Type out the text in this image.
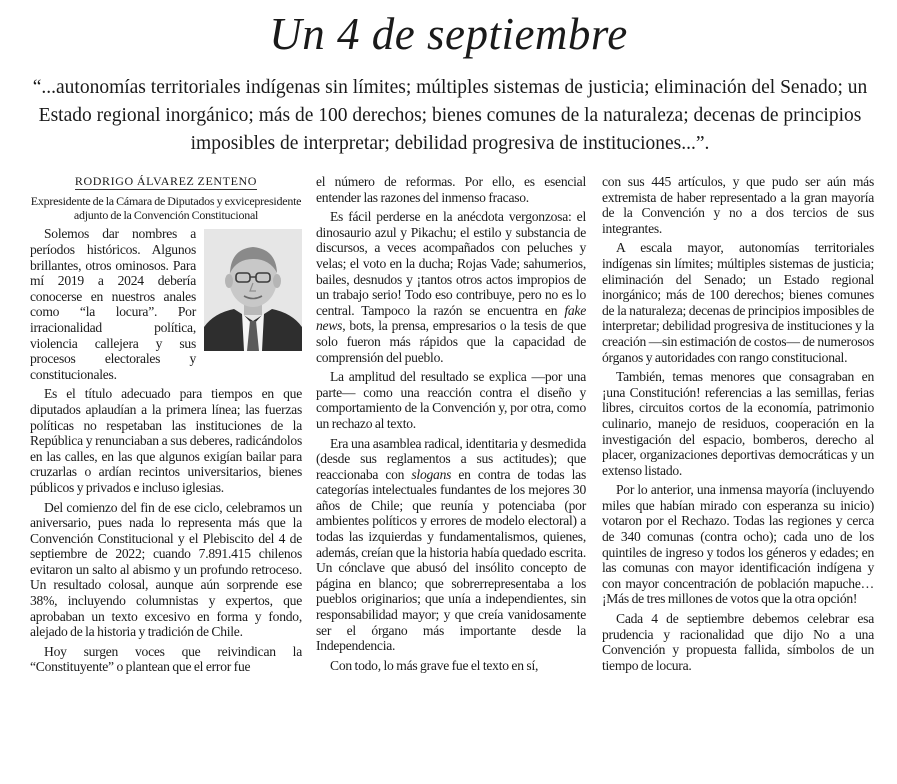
Un 4 de septiembre
“...autonomías territoriales indígenas sin límites; múltiples sistemas de justicia; eliminación del Senado; un Estado regional inorgánico; más de 100 derechos; bienes comunes de la naturaleza; decenas de principios imposibles de interpretar; debilidad progresiva de instituciones...”.

RODRIGO ÁLVAREZ ZENTENO

Expresidente de la Cámara de Diputados y exvicepresidente adjunto de la Convención Constitucional

Solemos dar nombres a períodos históricos. Algunos brillantes, otros ominosos. Para mí 2019 a 2024 debería conocerse en nuestros anales como “la locura”. Por irracionalidad política, violencia callejera y sus procesos electorales y constitucionales.

Es el título adecuado para tiempos en que diputados aplaudían a la primera línea; las fuerzas políticas no respetaban las instituciones de la República y renunciaban a sus deberes, radicándolos en las calles, en las que algunos exigían bailar para cruzarlas o ardían recintos universitarios, bienes públicos y privados e incluso iglesias.

Del comienzo del fin de ese ciclo, celebramos un aniversario, pues nada lo representa más que la Convención Constitucional y el Plebiscito del 4 de septiembre de 2022; cuando 7.891.415 chilenos evitaron un salto al abismo y un profundo retroceso. Un resultado colosal, aunque aún sorprende ese 38%, incluyendo columnistas y expertos, que aprobaban un texto excesivo en forma y fondo, alejado de la historia y tradición de Chile.

Hoy surgen voces que reivindican la “Constituyente” o plantean que el error fue

el número de reformas. Por ello, es esencial entender las razones del inmenso fracaso.

Es fácil perderse en la anécdota vergonzosa: el dinosaurio azul y Pikachu; el estilo y substancia de discursos, a veces acompañados con peluches y velas; el voto en la ducha; Rojas Vade; sahumerios, bailes, desnudos y ¡tantos otros actos impropios de un trabajo serio! Todo eso contribuye, pero no es lo central. Tampoco la razón se encuentra en fake news, bots, la prensa, empresarios o la tesis de que solo fueron más rápidos que la capacidad de comprensión del pueblo.

La amplitud del resultado se explica —por una parte— como una reacción contra el diseño y comportamiento de la Convención y, por otra, como un rechazo al texto.

Era una asamblea radical, identitaria y desmedida (desde sus reglamentos a sus actitudes); que reaccionaba con slogans en contra de todas las categorías intelectuales fundantes de los mejores 30 años de Chile; que reunía y potenciaba (por ambientes políticos y errores de modelo electoral) a todas las izquierdas y fundamentalismos, quienes, además, creían que la historia había quedado escrita. Un cónclave que abusó del insólito concepto de página en blanco; que sobrerrepresentaba a los pueblos originarios; que unía a independientes, sin responsabilidad mayor; y que creía vanidosamente ser el órgano más importante desde la Independencia.

Con todo, lo más grave fue el texto en sí,

con sus 445 artículos, y que pudo ser aún más extremista de haber representado a la gran mayoría de la Convención y no a dos tercios de sus integrantes.

A escala mayor, autonomías territoriales indígenas sin límites; múltiples sistemas de justicia; eliminación del Senado; un Estado regional inorgánico; más de 100 derechos; bienes comunes de la naturaleza; decenas de principios imposibles de interpretar; debilidad progresiva de instituciones y la creación —sin estimación de costos— de numerosos órganos y autoridades con rango constitucional.

También, temas menores que consagraban en ¡una Constitución! referencias a las semillas, ferias libres, circuitos cortos de la economía, patrimonio culinario, manejo de residuos, cooperación en la investigación del espacio, bomberos, derecho al placer, organizaciones deportivas democráticas y un extenso listado.

Por lo anterior, una inmensa mayoría (incluyendo miles que habían mirado con esperanza su inicio) votaron por el Rechazo. Todas las regiones y cerca de 340 comunas (contra ocho); cada uno de los quintiles de ingreso y todos los géneros y edades; en las comunas con mayor identificación indígena y con mayor concentración de población mapuche… ¡Más de tres millones de votos que la otra opción!

Cada 4 de septiembre debemos celebrar esa prudencia y racionalidad que dijo No a una Convención y propuesta fallida, símbolos de un tiempo de locura.
